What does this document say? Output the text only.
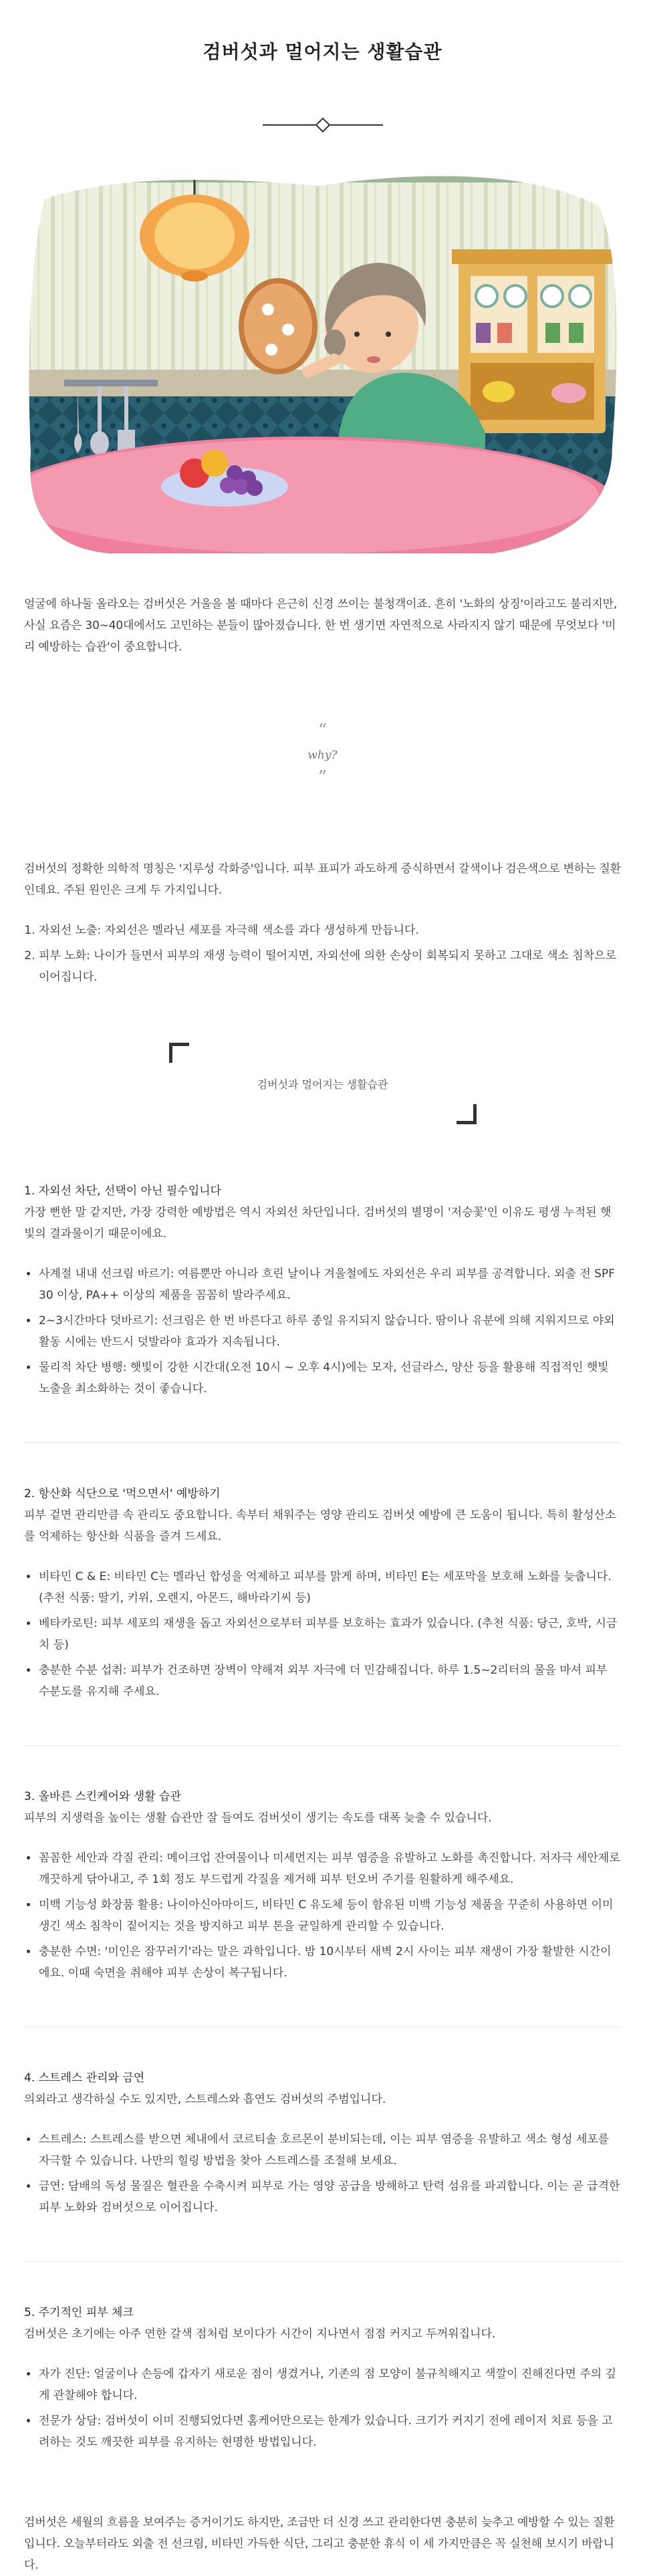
검버섯과 멀어지는 생활습관

얼굴에 하나둘 올라오는 검버섯은 거울을 볼 때마다 은근히 신경 쓰이는 불청객이죠. 흔히 '노화의 상징'이라고도 불리지만, 사실 요즘은 30~40대에서도 고민하는 분들이 많아졌습니다. 한 번 생기면 자연적으로 사라지지 않기 때문에 무엇보다 '미리 예방하는 습관'이 중요합니다.

“
why?
”

검버섯의 정확한 의학적 명칭은 '지루성 각화증'입니다. 피부 표피가 과도하게 증식하면서 갈색이나 검은색으로 변하는 질환인데요. 주된 원인은 크게 두 가지입니다.

1. 자외선 노출: 자외선은 멜라닌 세포를 자극해 색소를 과다 생성하게 만듭니다.
2. 피부 노화: 나이가 들면서 피부의 재생 능력이 떨어지면, 자외선에 의한 손상이 회복되지 못하고 그대로 색소 침착으로 이어집니다.
검버섯과 멀어지는 생활습관
1. 자외선 차단, 선택이 아닌 필수입니다

가장 뻔한 말 같지만, 가장 강력한 예방법은 역시 자외선 차단입니다. 검버섯의 별명이 '저승꽃'인 이유도 평생 누적된 햇빛의 결과물이기 때문이에요.

사계절 내내 선크림 바르기: 여름뿐만 아니라 흐린 날이나 겨울철에도 자외선은 우리 피부를 공격합니다. 외출 전 SPF 30 이상, PA++ 이상의 제품을 꼼꼼히 발라주세요.
2~3시간마다 덧바르기: 선크림은 한 번 바른다고 하루 종일 유지되지 않습니다. 땀이나 유분에 의해 지워지므로 야외 활동 시에는 반드시 덧발라야 효과가 지속됩니다.
물리적 차단 병행: 햇빛이 강한 시간대(오전 10시 ~ 오후 4시)에는 모자, 선글라스, 양산 등을 활용해 직접적인 햇빛 노출을 최소화하는 것이 좋습니다.
2. 항산화 식단으로 '먹으면서' 예방하기

피부 겉면 관리만큼 속 관리도 중요합니다. 속부터 채워주는 영양 관리도 검버섯 예방에 큰 도움이 됩니다. 특히 활성산소를 억제하는 항산화 식품을 즐겨 드세요.

비타민 C & E: 비타민 C는 멜라닌 합성을 억제하고 피부를 맑게 하며, 비타민 E는 세포막을 보호해 노화를 늦춥니다. (추천 식품: 딸기, 키위, 오렌지, 아몬드, 해바라기씨 등)
베타카로틴: 피부 세포의 재생을 돕고 자외선으로부터 피부를 보호하는 효과가 있습니다. (추천 식품: 당근, 호박, 시금치 등)
충분한 수분 섭취: 피부가 건조하면 장벽이 약해져 외부 자극에 더 민감해집니다. 하루 1.5~2리터의 물을 마셔 피부 수분도를 유지해 주세요.
3. 올바른 스킨케어와 생활 습관

피부의 지생력을 높이는 생활 습관만 잘 들여도 검버섯이 생기는 속도를 대폭 늦출 수 있습니다.

꼼꼼한 세안과 각질 관리: 메이크업 잔여물이나 미세먼지는 피부 염증을 유발하고 노화를 촉진합니다. 저자극 세안제로 깨끗하게 닦아내고, 주 1회 정도 부드럽게 각질을 제거해 피부 턴오버 주기를 원활하게 해주세요.
미백 기능성 화장품 활용: 나이아신아마이드, 비타민 C 유도체 등이 함유된 미백 기능성 제품을 꾸준히 사용하면 이미 생긴 색소 침착이 짙어지는 것을 방지하고 피부 톤을 균일하게 관리할 수 있습니다.
충분한 수면: '미인은 잠꾸러기'라는 말은 과학입니다. 밤 10시부터 새벽 2시 사이는 피부 재생이 가장 활발한 시간이에요. 이때 숙면을 취해야 피부 손상이 복구됩니다.
4. 스트레스 관리와 금연

의외라고 생각하실 수도 있지만, 스트레스와 흡연도 검버섯의 주범입니다.

스트레스: 스트레스를 받으면 체내에서 코르티솔 호르몬이 분비되는데, 이는 피부 염증을 유발하고 색소 형성 세포를 자극할 수 있습니다. 나만의 힐링 방법을 찾아 스트레스를 조절해 보세요.
금연: 담배의 독성 물질은 혈관을 수축시켜 피부로 가는 영양 공급을 방해하고 탄력 섬유를 파괴합니다. 이는 곧 급격한 피부 노화와 검버섯으로 이어집니다.
5. 주기적인 피부 체크

검버섯은 초기에는 아주 연한 갈색 점처럼 보이다가 시간이 지나면서 점점 커지고 두꺼워집니다.

자가 진단: 얼굴이나 손등에 갑자기 새로운 점이 생겼거나, 기존의 점 모양이 불규칙해지고 색깔이 진해진다면 주의 깊게 관찰해야 합니다.
전문가 상담: 검버섯이 이미 진행되었다면 홈케어만으로는 한계가 있습니다. 크기가 커지기 전에 레이저 치료 등을 고려하는 것도 깨끗한 피부를 유지하는 현명한 방법입니다.

검버섯은 세월의 흐름을 보여주는 증거이기도 하지만, 조금만 더 신경 쓰고 관리한다면 충분히 늦추고 예방할 수 있는 질환입니다. 오늘부터라도 외출 전 선크림, 비타민 가득한 식단, 그리고 충분한 휴식 이 세 가지만큼은 꼭 실천해 보시기 바랍니다.
